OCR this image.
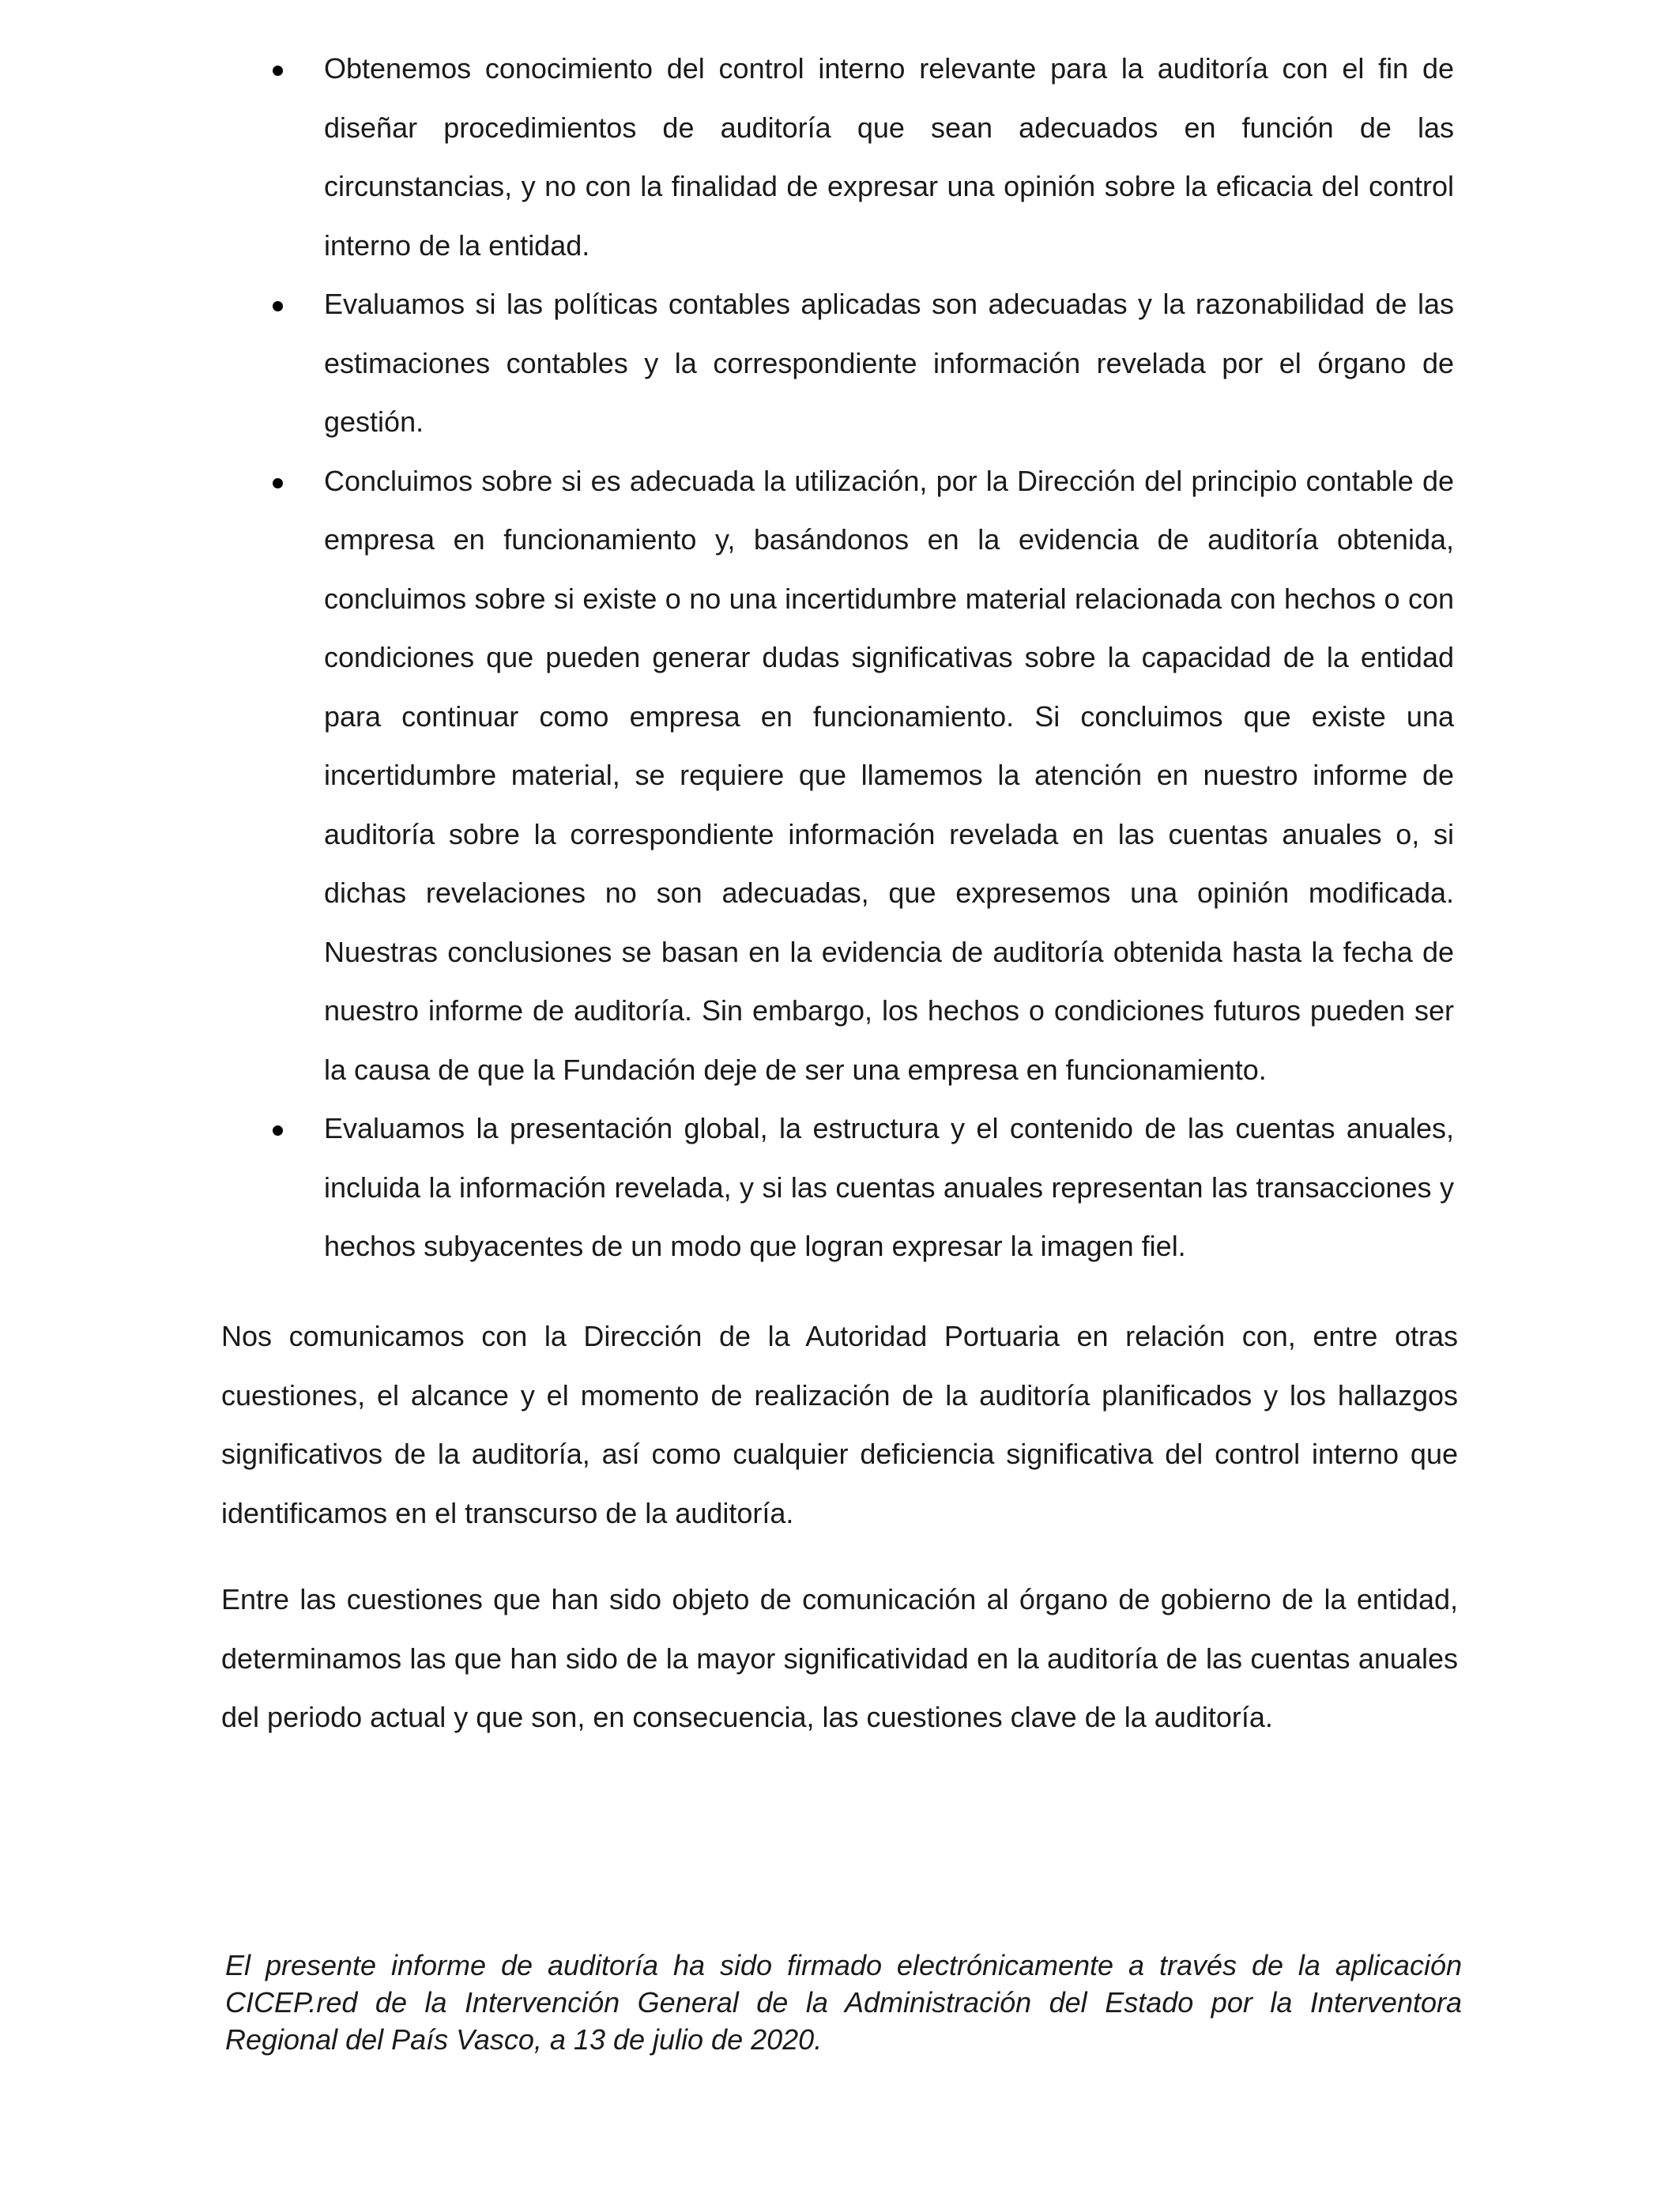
Obtenemos conocimiento del control interno relevante para la auditoría con el fin de diseñar procedimientos de auditoría que sean adecuados en función de las circunstancias, y no con la finalidad de expresar una opinión sobre la eficacia del control interno de la entidad.
Evaluamos si las políticas contables aplicadas son adecuadas y la razonabilidad de las estimaciones contables y la correspondiente información revelada por el órgano de gestión.
Concluimos sobre si es adecuada la utilización, por la Dirección del principio contable de empresa en funcionamiento y, basándonos en la evidencia de auditoría obtenida, concluimos sobre si existe o no una incertidumbre material relacionada con hechos o con condiciones que pueden generar dudas significativas sobre la capacidad de la entidad para continuar como empresa en funcionamiento. Si concluimos que existe una incertidumbre material, se requiere que llamemos la atención en nuestro informe de auditoría sobre la correspondiente información revelada en las cuentas anuales o, si dichas revelaciones no son adecuadas, que expresemos una opinión modificada. Nuestras conclusiones se basan en la evidencia de auditoría obtenida hasta la fecha de nuestro informe de auditoría. Sin embargo, los hechos o condiciones futuros pueden ser la causa de que la Fundación deje de ser una empresa en funcionamiento.
Evaluamos la presentación global, la estructura y el contenido de las cuentas anuales, incluida la información revelada, y si las cuentas anuales representan las transacciones y hechos subyacentes de un modo que logran expresar la imagen fiel.

Nos comunicamos con la Dirección de la Autoridad Portuaria en relación con, entre otras cuestiones, el alcance y el momento de realización de la auditoría planificados y los hallazgos significativos de la auditoría, así como cualquier deficiencia significativa del control interno que identificamos en el transcurso de la auditoría.

Entre las cuestiones que han sido objeto de comunicación al órgano de gobierno de la entidad, determinamos las que han sido de la mayor significatividad en la auditoría de las cuentas anuales del periodo actual y que son, en consecuencia, las cuestiones clave de la auditoría.

El presente informe de auditoría ha sido firmado electrónicamente a través de la aplicación CICEP.red de la Intervención General de la Administración del Estado por la Interventora Regional del País Vasco, a 13 de julio de 2020.
